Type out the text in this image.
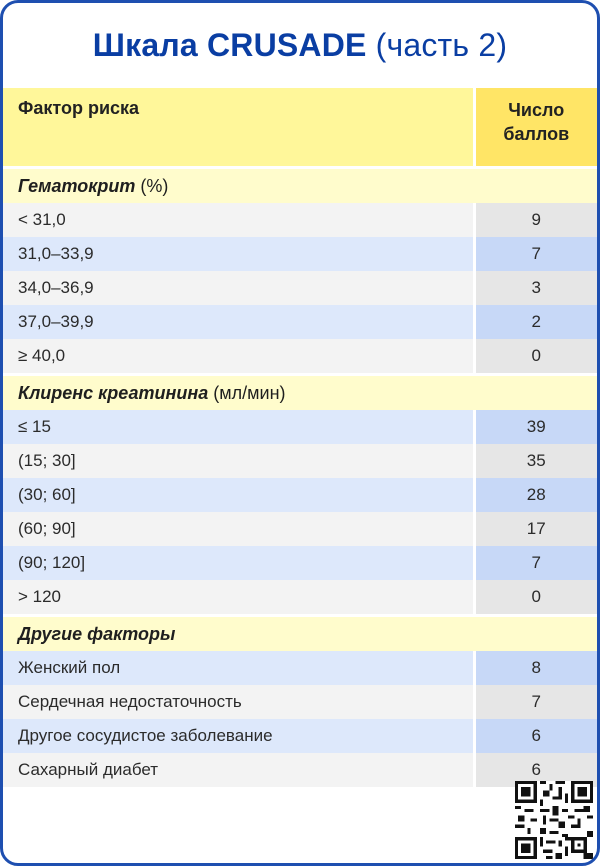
Шкала CRUSADE (часть 2)
Фактор риска	Число
баллов
Гематокрит (%)	
< 31,0	9
31,0–33,9	7
34,0–36,9	3
37,0–39,9	2
≥ 40,0	0
Клиренс креатинина (мл/мин)	
≤ 15	39
(15; 30]	35
(30; 60]	28
(60; 90]	17
(90; 120]	7
> 120	0
Другие факторы	
Женский пол	8
Сердечная недостаточность	7
Другое сосудистое заболевание	6
Сахарный диабет	6
